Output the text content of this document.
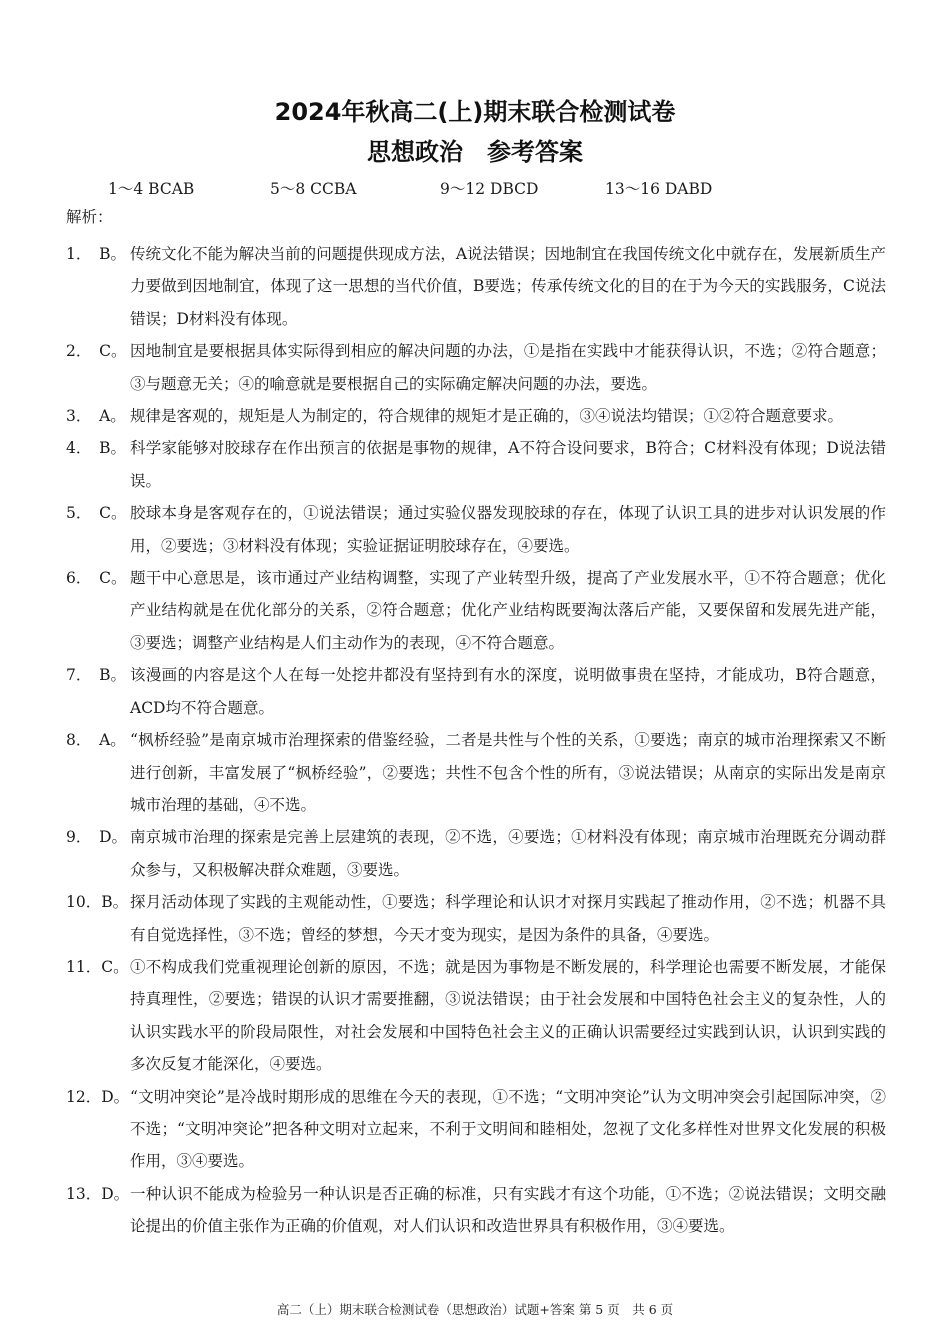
2024年秋高二(上)期末联合检测试卷
思想政治　参考答案
1～4 BCAB	5～8 CCBA	9～12 DBCD	13～16 DABD
解析：
1．　B。 传统文化不能为解决当前的问题提供现成方法，A说法错误；因地制宜在我国传统文化中就存在，发展新质生产力要做到因地制宜，体现了这一思想的当代价值，B要选；传承传统文化的目的在于为今天的实践服务，C说法错误；D材料没有体现。
2．　C。 因地制宜是要根据具体实际得到相应的解决问题的办法，①是指在实践中才能获得认识，不选；②符合题意；③与题意无关；④的喻意就是要根据自己的实际确定解决问题的办法，要选。
3．　A。 规律是客观的，规矩是人为制定的，符合规律的规矩才是正确的，③④说法均错误；①②符合题意要求。
4．　B。 科学家能够对胶球存在作出预言的依据是事物的规律，A不符合设问要求，B符合；C材料没有体现；D说法错误。
5．　C。 胶球本身是客观存在的，①说法错误；通过实验仪器发现胶球的存在，体现了认识工具的进步对认识发展的作用，②要选；③材料没有体现；实验证据证明胶球存在，④要选。
6．　C。 题干中心意思是，该市通过产业结构调整，实现了产业转型升级，提高了产业发展水平，①不符合题意；优化产业结构就是在优化部分的关系，②符合题意；优化产业结构既要淘汰落后产能，又要保留和发展先进产能，③要选；调整产业结构是人们主动作为的表现，④不符合题意。
7．　B。 该漫画的内容是这个人在每一处挖井都没有坚持到有水的深度，说明做事贵在坚持，才能成功，B符合题意，ACD均不符合题意。
8．　A。 “枫桥经验”是南京城市治理探索的借鉴经验，二者是共性与个性的关系，①要选；南京的城市治理探索又不断进行创新，丰富发展了“枫桥经验”，②要选；共性不包含个性的所有，③说法错误；从南京的实际出发是南京城市治理的基础，④不选。
9．　D。 南京城市治理的探索是完善上层建筑的表现，②不选，④要选；①材料没有体现；南京城市治理既充分调动群众参与，又积极解决群众难题，③要选。
10．B。 探月活动体现了实践的主观能动性，①要选；科学理论和认识才对探月实践起了推动作用，②不选；机器不具有自觉选择性，③不选；曾经的梦想，今天才变为现实，是因为条件的具备，④要选。
11．C。 ①不构成我们党重视理论创新的原因，不选；就是因为事物是不断发展的，科学理论也需要不断发展，才能保持真理性，②要选；错误的认识才需要推翻，③说法错误；由于社会发展和中国特色社会主义的复杂性，人的认识实践水平的阶段局限性，对社会发展和中国特色社会主义的正确认识需要经过实践到认识，认识到实践的多次反复才能深化，④要选。
12．D。 “文明冲突论”是冷战时期形成的思维在今天的表现，①不选；“文明冲突论”认为文明冲突会引起国际冲突，②不选；“文明冲突论”把各种文明对立起来，不利于文明间和睦相处，忽视了文化多样性对世界文化发展的积极作用，③④要选。
13．D。 一种认识不能成为检验另一种认识是否正确的标准，只有实践才有这个功能，①不选；②说法错误；文明交融论提出的价值主张作为正确的价值观，对人们认识和改造世界具有积极作用，③④要选。
高二（上）期末联合检测试卷（思想政治）试题+答案 第 5 页　共 6 页
